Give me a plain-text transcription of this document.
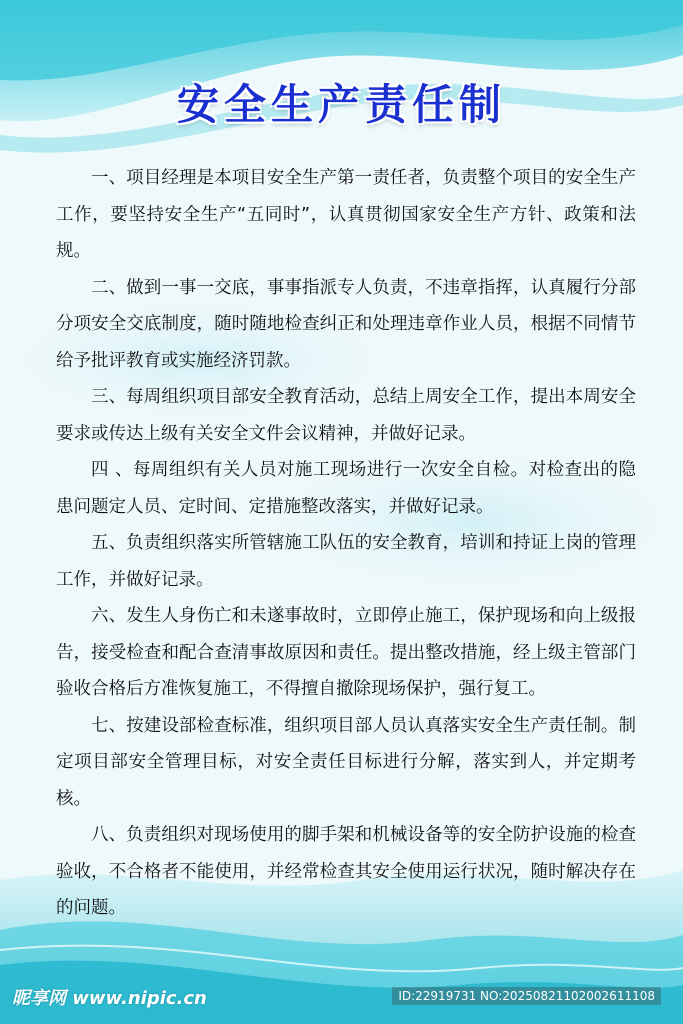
安全生产责任制

一、项目经理是本项目安全生产第一责任者，负责整个项目的安全生产工作，要坚持安全生产“五同时”，认真贯彻国家安全生产方针、政策和法规。

二、做到一事一交底，事事指派专人负责，不违章指挥，认真履行分部分项安全交底制度，随时随地检查纠正和处理违章作业人员，根据不同情节给予批评教育或实施经济罚款。

三、每周组织项目部安全教育活动，总结上周安全工作，提出本周安全要求或传达上级有关安全文件会议精神，并做好记录。

四 、每周组织有关人员对施工现场进行一次安全自检。对检查出的隐患问题定人员、定时间、定措施整改落实，并做好记录。

五、负责组织落实所管辖施工队伍的安全教育，培训和持证上岗的管理工作，并做好记录。

六、发生人身伤亡和未遂事故时，立即停止施工，保护现场和向上级报告，接受检查和配合查清事故原因和责任。提出整改措施，经上级主管部门验收合格后方准恢复施工，不得擅自撤除现场保护，强行复工。

七、按建设部检查标准，组织项目部人员认真落实安全生产责任制。制定项目部安全管理目标，对安全责任目标进行分解，落实到人，并定期考核。

八、负责组织对现场使用的脚手架和机械设备等的安全防护设施的检查验收，不合格者不能使用，并经常检查其安全使用运行状况，随时解决存在的问题。

昵享网 www.nipic.cn	ID:22919731 NO:20250821102002611108
